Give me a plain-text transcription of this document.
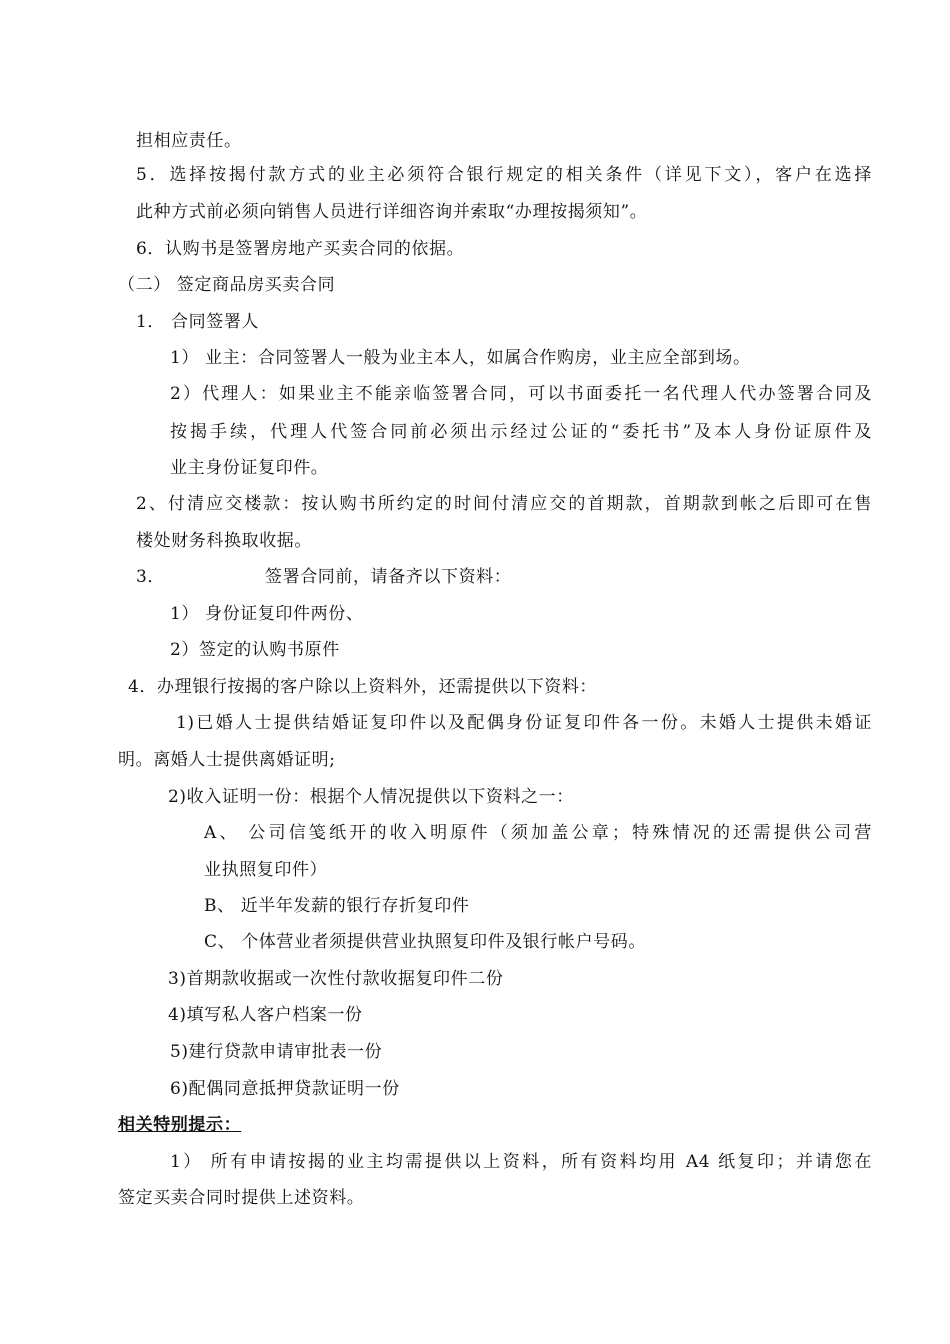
担相应责任。
5．选择按揭付款方式的业主必须符合银行规定的相关条件（详见下文），客户在选择
此种方式前必须向销售人员进行详细咨询并索取“办理按揭须知”。
6．认购书是签署房地产买卖合同的依据。
（二） 签定商品房买卖合同
1． 合同签署人
1） 业主：合同签署人一般为业主本人，如属合作购房，业主应全部到场。
2）代理人：如果业主不能亲临签署合同，可以书面委托一名代理人代办签署合同及
按揭手续，代理人代签合同前必须出示经过公证的“委托书”及本人身份证原件及
业主身份证复印件。
2、付清应交楼款：按认购书所约定的时间付清应交的首期款，首期款到帐之后即可在售
楼处财务科换取收据。
3．	签署合同前，请备齐以下资料：
1） 身份证复印件两份、
2）签定的认购书原件
4．办理银行按揭的客户除以上资料外，还需提供以下资料：
1)已婚人士提供结婚证复印件以及配偶身份证复印件各一份。未婚人士提供未婚证
明。离婚人士提供离婚证明;
2)收入证明一份：根据个人情况提供以下资料之一：
A、 公司信笺纸开的收入明原件（须加盖公章；特殊情况的还需提供公司营
业执照复印件）
B、 近半年发薪的银行存折复印件
C、 个体营业者须提供营业执照复印件及银行帐户号码。
3)首期款收据或一次性付款收据复印件二份
4)填写私人客户档案一份
5)建行贷款申请审批表一份
6)配偶同意抵押贷款证明一份
相关特别提示：
1） 所有申请按揭的业主均需提供以上资料，所有资料均用 A4 纸复印；并请您在
签定买卖合同时提供上述资料。
